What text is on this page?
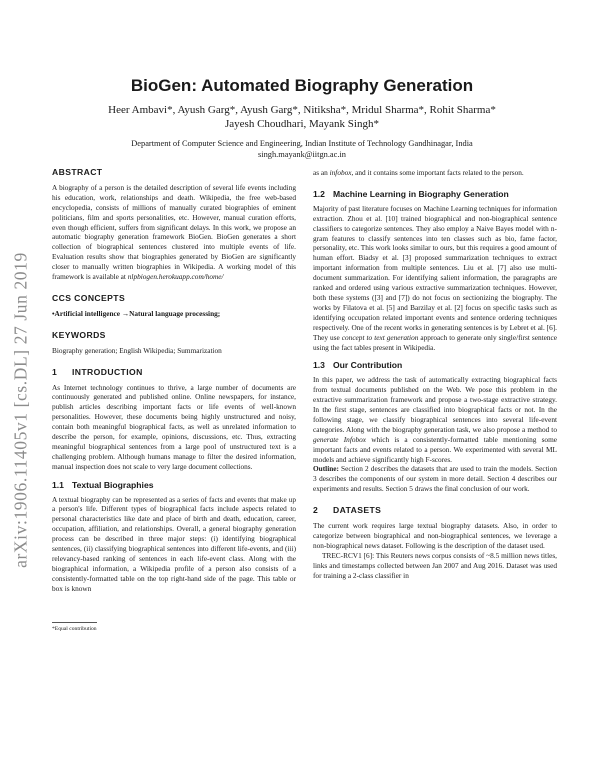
arXiv:1906.11405v1 [cs.DL] 27 Jun 2019
BioGen: Automated Biography Generation
Heer Ambavi*, Ayush Garg*, Ayush Garg*, Nitiksha*, Mridul Sharma*, Rohit Sharma*
Jayesh Choudhari, Mayank Singh*
Department of Computer Science and Engineering, Indian Institute of Technology Gandhinagar, India
singh.mayank@iitgn.ac.in
ABSTRACT

A biography of a person is the detailed description of several life events including his education, work, relationships and death. Wikipedia, the free web-based encyclopedia, consists of millions of manually curated biographies of eminent politicians, film and sports personalities, etc. However, manual curation efforts, even though efficient, suffers from significant delays. In this work, we propose an automatic biography generation framework BioGen. BioGen generates a short collection of biographical sentences clustered into multiple events of life. Evaluation results show that biographies generated by BioGen are significantly closer to manually written biographies in Wikipedia. A working model of this framework is available at nlpbiogen.herokuapp.com/home/

CCS CONCEPTS

•Artificial intelligence →Natural language processing;

KEYWORDS

Biography generation; English Wikipedia; Summarization

1 INTRODUCTION

As Internet technology continues to thrive, a large number of documents are continuously generated and published online. Online newspapers, for instance, publish articles describing important facts or life events of well-known personalities. However, these documents being highly unstructured and noisy, contain both meaningful biographical facts, as well as unrelated information to describe the person, for example, opinions, discussions, etc. Thus, extracting meaningful biographical sentences from a large pool of unstructured text is a challenging problem. Although humans manage to filter the desired information, manual inspection does not scale to very large document collections.

1.1 Textual Biographies

A textual biography can be represented as a series of facts and events that make up a person's life. Different types of biographical facts include aspects related to personal characteristics like date and place of birth and death, education, career, occupation, affiliation, and relationships. Overall, a general biography generation process can be described in three major steps: (i) identifying biographical sentences, (ii) classifying biographical sentences into different life-events, and (iii) relevancy-based ranking of sentences in each life-event class. Along with the biographical information, a Wikipedia profile of a person also consists of a consistently-formatted table on the top right-hand side of the page. This table or box is known

*Equal contribution

as an infobox, and it contains some important facts related to the person.

1.2 Machine Learning in Biography Generation

Majority of past literature focuses on Machine Learning techniques for information extraction. Zhou et al. [10] trained biographical and non-biographical sentence classifiers to categorize sentences. They also employ a Naive Bayes model with n-gram features to classify sentences into ten classes such as bio, fame factor, personality, etc. This work looks similar to ours, but this requires a good amount of human effort. Biadsy et al. [3] proposed summarization techniques to extract important information from multiple sentences. Liu et al. [7] also use multi-document summarization. For identifying salient information, the paragraphs are ranked and ordered using various extractive summarization techniques. However, both these systems ([3] and [7]) do not focus on sectionizing the biography. The works by Filatova et al. [5] and Barzilay et al. [2] focus on specific tasks such as identifying occupation related important events and sentence ordering techniques respectively. One of the recent works in generating sentences is by Lebret et al. [6]. They use concept to text generation approach to generate only single/first sentence using the fact tables present in Wikipedia.

1.3 Our Contribution

In this paper, we address the task of automatically extracting biographical facts from textual documents published on the Web. We pose this problem in the extractive summarization framework and propose a two-stage extractive strategy. In the first stage, sentences are classified into biographical facts or not. In the following stage, we classify biographical sentences into several life-event categories. Along with the biography generation task, we also propose a method to generate Infobox which is a consistently-formatted table mentioning some important facts and events related to a person. We experimented with several ML models and achieve significantly high F-scores.

Outline: Section 2 describes the datasets that are used to train the models. Section 3 describes the components of our system in more detail. Section 4 describes our experiments and results. Section 5 draws the final conclusion of our work.

2 DATASETS

The current work requires large textual biography datasets. Also, in order to categorize between biographical and non-biographical sentences, we leverage a non-biographical news dataset. Following is the description of the dataset used.

TREC-RCV1 [6]: This Reuters news corpus consists of ~8.5 million news titles, links and timestamps collected between Jan 2007 and Aug 2016. Dataset was used for training a 2-class classifier in
